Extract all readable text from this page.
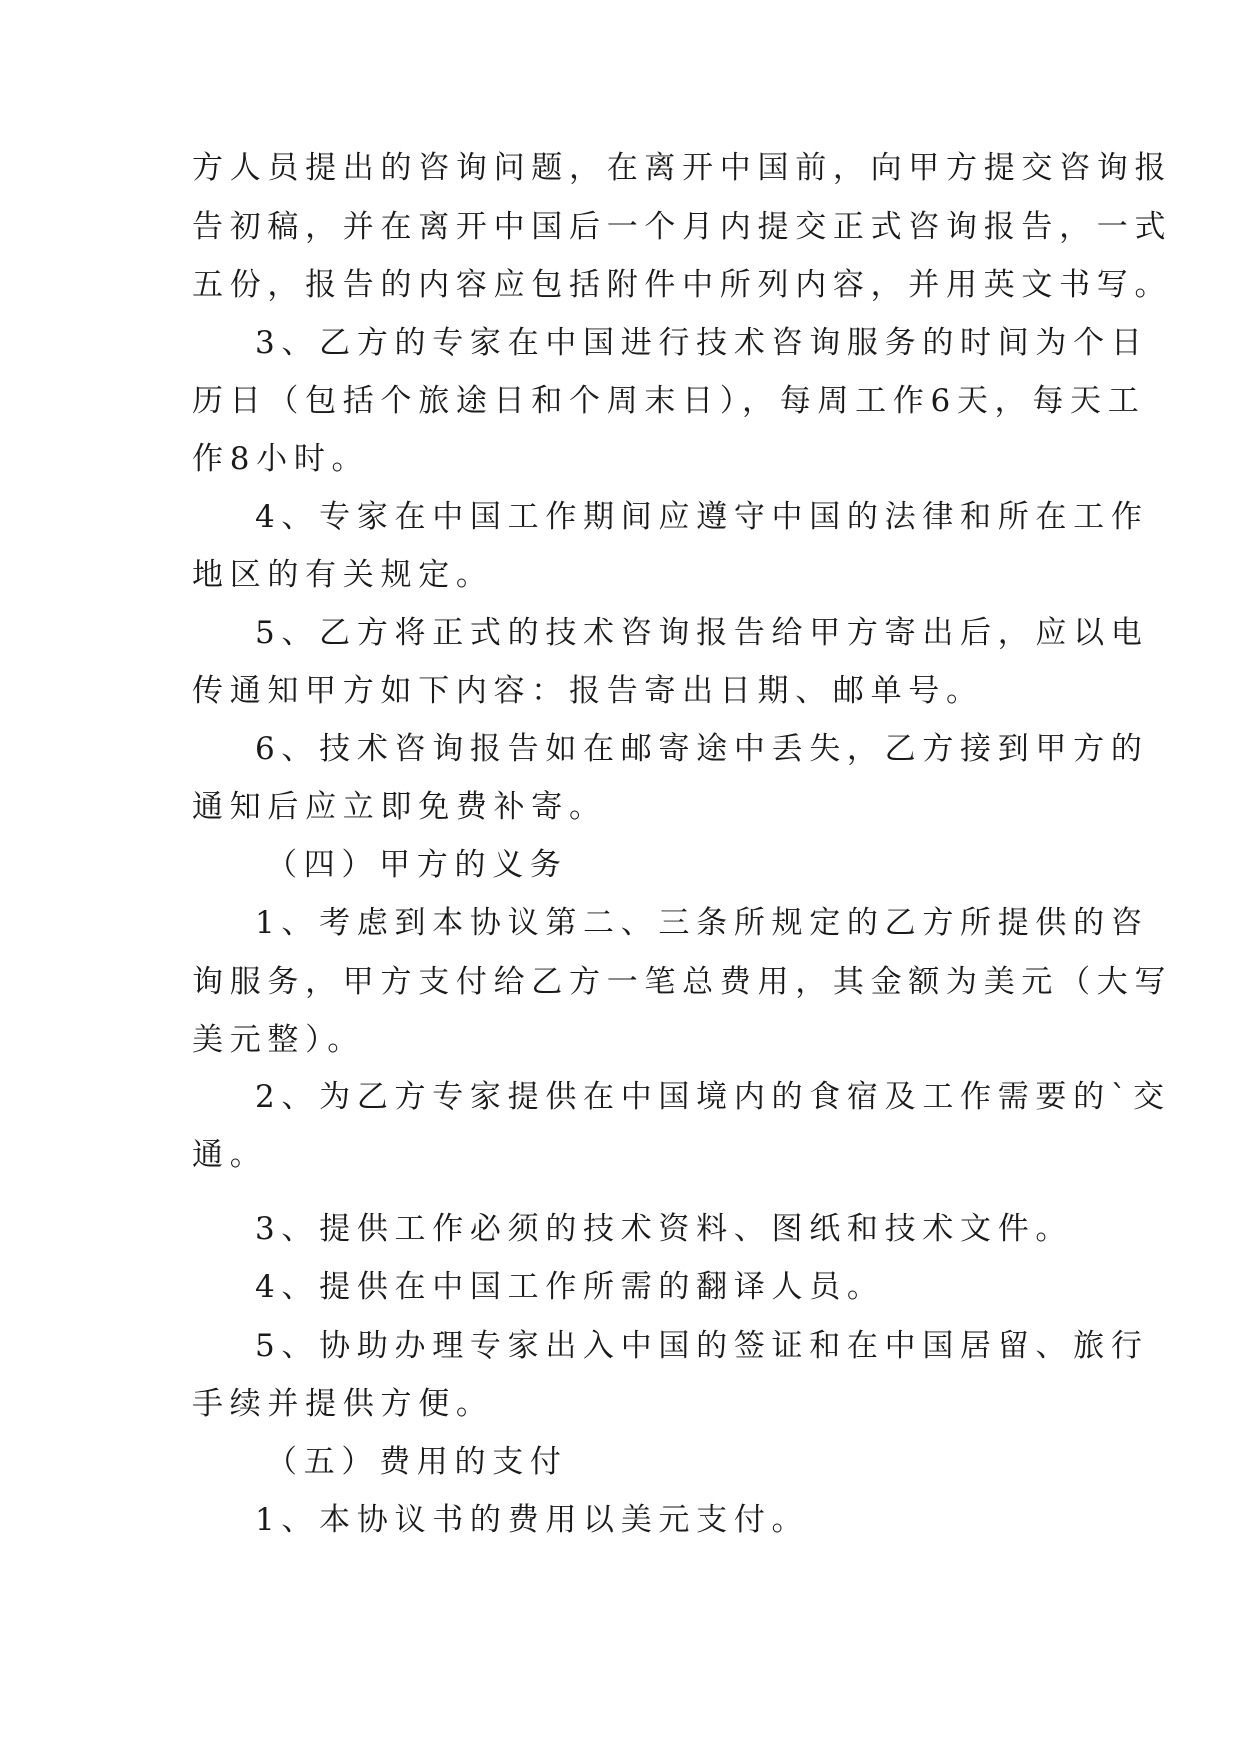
方人员提出的咨询问题，在离开中国前，向甲方提交咨询报
告初稿，并在离开中国后一个月内提交正式咨询报告，一式
五份，报告的内容应包括附件中所列内容，并用英文书写。
3、乙方的专家在中国进行技术咨询服务的时间为个日
历日（包括个旅途日和个周末日），每周工作6天，每天工
作8小时。
4、专家在中国工作期间应遵守中国的法律和所在工作
地区的有关规定。
5、乙方将正式的技术咨询报告给甲方寄出后，应以电
传通知甲方如下内容：报告寄出日期、邮单号。
6、技术咨询报告如在邮寄途中丢失，乙方接到甲方的
通知后应立即免费补寄。
（四）甲方的义务
1、考虑到本协议第二、三条所规定的乙方所提供的咨
询服务，甲方支付给乙方一笔总费用，其金额为美元（大写
美元整）。
2、为乙方专家提供在中国境内的食宿及工作需要的`交
通。
3、提供工作必须的技术资料、图纸和技术文件。
4、提供在中国工作所需的翻译人员。
5、协助办理专家出入中国的签证和在中国居留、旅行
手续并提供方便。
（五）费用的支付
1、本协议书的费用以美元支付。
